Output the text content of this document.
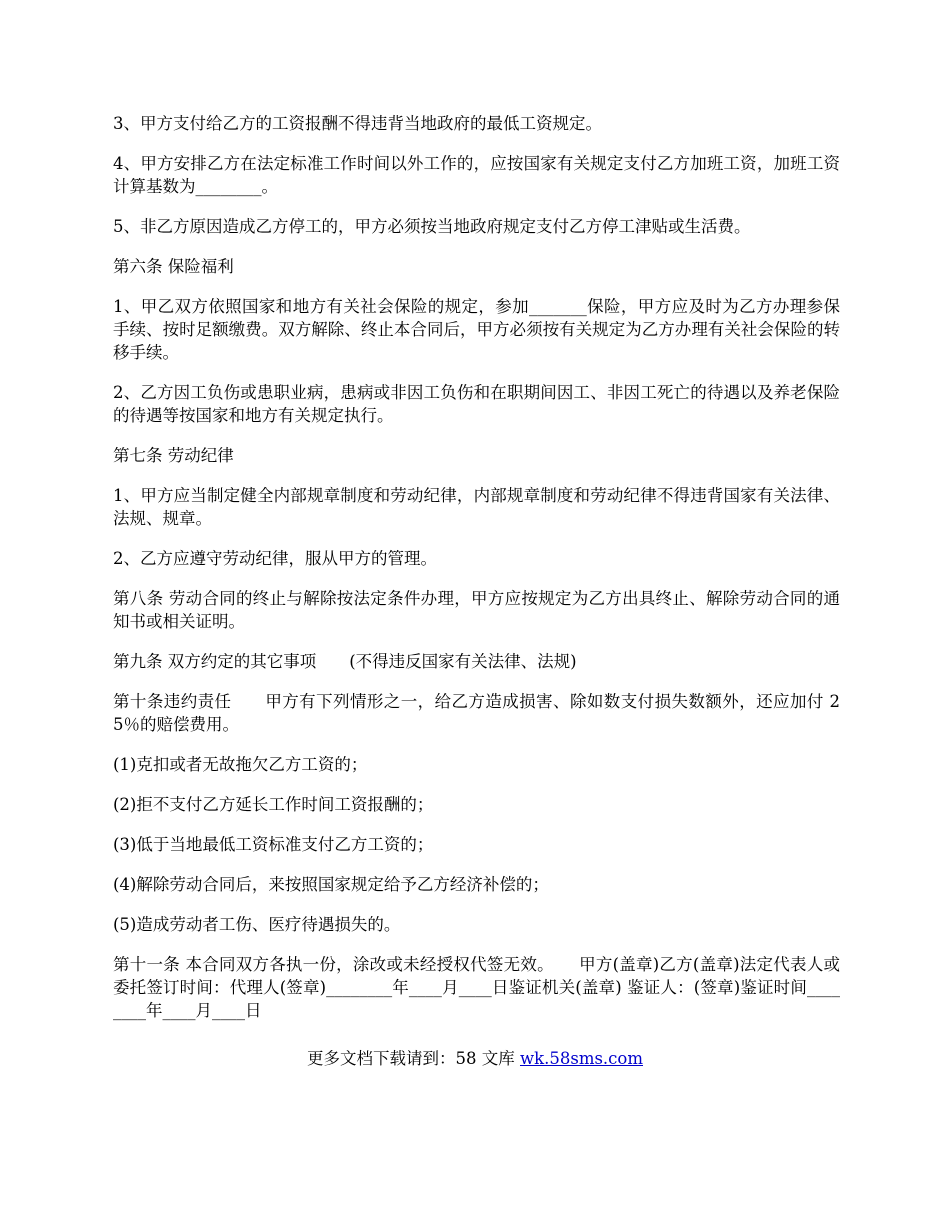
3、甲方支付给乙方的工资报酬不得违背当地政府的最低工资规定。

4、甲方安排乙方在法定标准工作时间以外工作的，应按国家有关规定支付乙方加班工资，加班工资计算基数为________。

5、非乙方原因造成乙方停工的，甲方必须按当地政府规定支付乙方停工津贴或生活费。

第六条 保险福利

1、甲乙双方依照国家和地方有关社会保险的规定，参加_______保险，甲方应及时为乙方办理参保手续、按时足额缴费。双方解除、终止本合同后，甲方必须按有关规定为乙方办理有关社会保险的转移手续。

2、乙方因工负伤或患职业病，患病或非因工负伤和在职期间因工、非因工死亡的待遇以及养老保险的待遇等按国家和地方有关规定执行。

第七条 劳动纪律

1、甲方应当制定健全内部规章制度和劳动纪律，内部规章制度和劳动纪律不得违背国家有关法律、法规、规章。

2、乙方应遵守劳动纪律，服从甲方的管理。

第八条 劳动合同的终止与解除按法定条件办理，甲方应按规定为乙方出具终止、解除劳动合同的通知书或相关证明。

第九条 双方约定的其它事项　　(不得违反国家有关法律、法规)

第十条违约责任　　甲方有下列情形之一，给乙方造成损害、除如数支付损失数额外，还应加付 25％的赔偿费用。

(1)克扣或者无故拖欠乙方工资的；

(2)拒不支付乙方延长工作时间工资报酬的；

(3)低于当地最低工资标准支付乙方工资的；

(4)解除劳动合同后，来按照国家规定给予乙方经济补偿的；

(5)造成劳动者工伤、医疗待遇损失的。

第十一条 本合同双方各执一份，涂改或未经授权代签无效。　　甲方(盖章)乙方(盖章)法定代表人或委托签订时间：代理人(签章)________年____月____日鉴证机关(盖章) 鉴证人：(签章)鉴证时间________年____月____日

更多文档下载请到：58 文库 wk.58sms.com
